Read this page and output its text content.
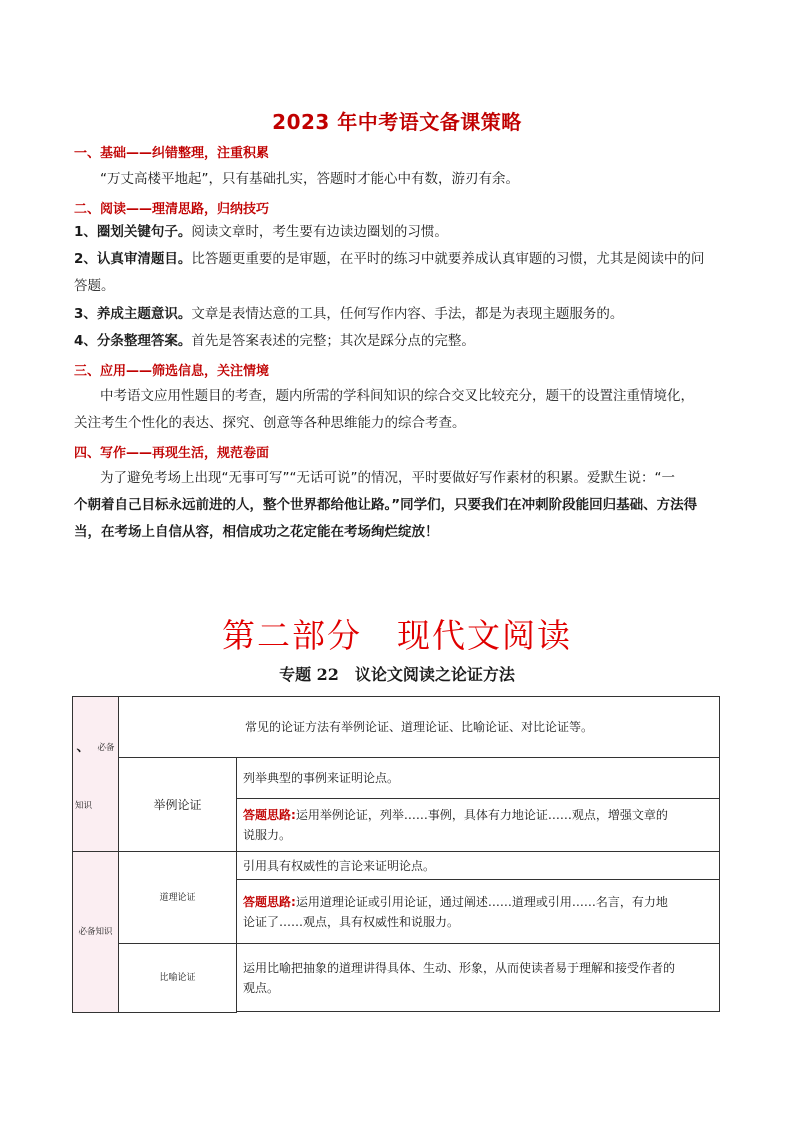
2023 年中考语文备课策略
一、基础——纠错整理，注重积累
“万丈高楼平地起”，只有基础扎实，答题时才能心中有数，游刃有余。
二、阅读——理清思路，归纳技巧
1、圈划关键句子。阅读文章时，考生要有边读边圈划的习惯。
2、认真审清题目。比答题更重要的是审题，在平时的练习中就要养成认真审题的习惯，尤其是阅读中的问
答题。
3、养成主题意识。文章是表情达意的工具，任何写作内容、手法，都是为表现主题服务的。
4、分条整理答案。首先是答案表述的完整；其次是踩分点的完整。
三、应用——筛选信息，关注情境
中考语文应用性题目的考查，题内所需的学科间知识的综合交叉比较充分，题干的设置注重情境化，
关注考生个性化的表达、探究、创意等各种思维能力的综合考查。
四、写作——再现生活，规范卷面
为了避免考场上出现“无事可写”“无话可说”的情况，平时要做好写作素材的积累。爱默生说：“一
个朝着自己目标永远前进的人，整个世界都给他让路。”同学们，只要我们在冲刺阶段能回归基础、方法得
当，在考场上自信从容，相信成功之花定能在考场绚烂绽放！
第二部分　现代文阅读
专题 22　议论文阅读之论证方法
、 必备
知识	常见的论证方法有举例论证、道理论证、比喻论证、对比论证等。	
	举例论证	列举典型的事例来证明论点。
		答题思路:运用举例论证，列举……事例，具体有力地论证……观点，增强文章的
说服力。
必备知识	道理论证	引用具有权威性的言论来证明论点。
		答题思路:运用道理论证或引用论证，通过阐述……道理或引用……名言，有力地
论证了……观点，具有权威性和说服力。
	比喻论证	运用比喻把抽象的道理讲得具体、生动、形象，从而使读者易于理解和接受作者的
观点。
